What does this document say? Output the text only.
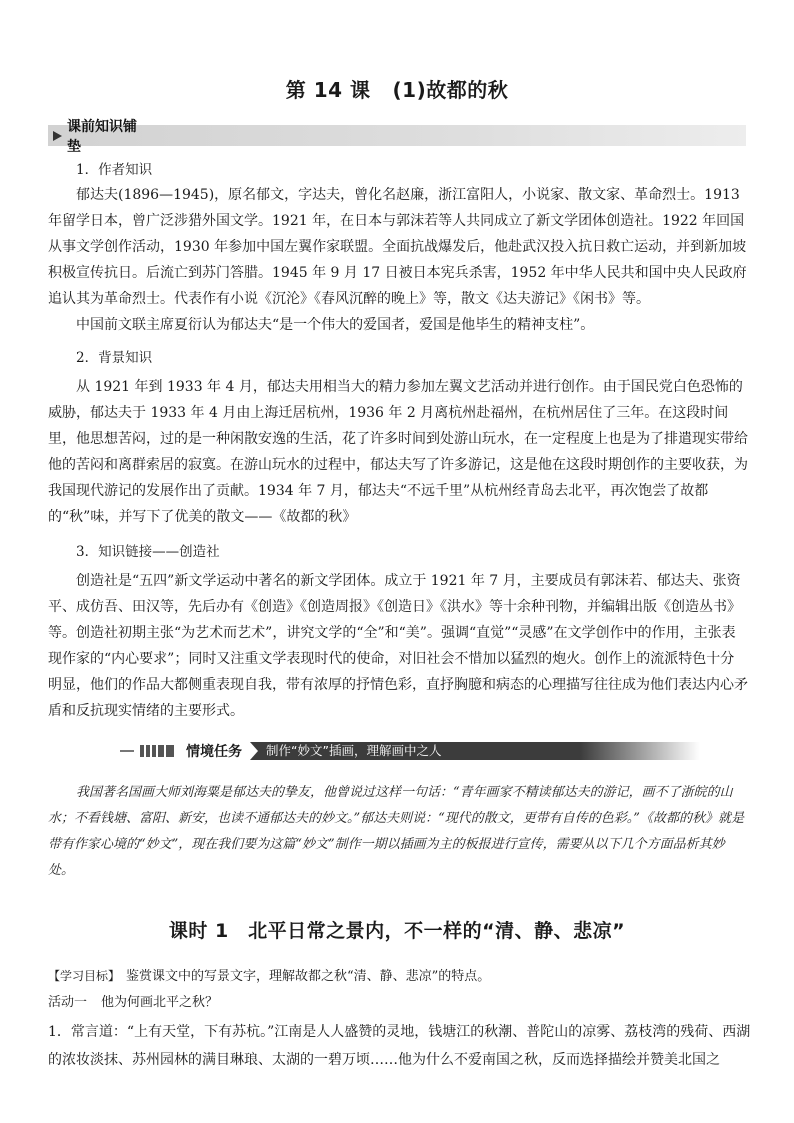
第 14 课 (1)故都的秋
课前知识铺垫
1．作者知识
郁达夫(1896—1945)，原名郁文，字达夫，曾化名赵廉，浙江富阳人，小说家、散文家、革命烈士。1913 年留学日本，曾广泛涉猎外国文学。1921 年，在日本与郭沫若等人共同成立了新文学团体创造社。1922 年回国从事文学创作活动，1930 年参加中国左翼作家联盟。全面抗战爆发后，他赴武汉投入抗日救亡运动，并到新加坡积极宣传抗日。后流亡到苏门答腊。1945 年 9 月 17 日被日本宪兵杀害，1952 年中华人民共和国中央人民政府追认其为革命烈士。代表作有小说《沉沦》《春风沉醉的晚上》等，散文《达夫游记》《闲书》等。
中国前文联主席夏衍认为郁达夫“是一个伟大的爱国者，爱国是他毕生的精神支柱”。
2．背景知识
从 1921 年到 1933 年 4 月，郁达夫用相当大的精力参加左翼文艺活动并进行创作。由于国民党白色恐怖的威胁，郁达夫于 1933 年 4 月由上海迁居杭州，1936 年 2 月离杭州赴福州，在杭州居住了三年。在这段时间里，他思想苦闷，过的是一种闲散安逸的生活，花了许多时间到处游山玩水，在一定程度上也是为了排遣现实带给他的苦闷和离群索居的寂寞。在游山玩水的过程中，郁达夫写了许多游记，这是他在这段时期创作的主要收获，为我国现代游记的发展作出了贡献。1934 年 7 月，郁达夫“不远千里”从杭州经青岛去北平，再次饱尝了故都的“秋”味，并写下了优美的散文——《故都的秋》
3．知识链接——创造社
创造社是“五四”新文学运动中著名的新文学团体。成立于 1921 年 7 月，主要成员有郭沫若、郁达夫、张资平、成仿吾、田汉等，先后办有《创造》《创造周报》《创造日》《洪水》等十余种刊物，并编辑出版《创造丛书》等。创造社初期主张“为艺术而艺术”，讲究文学的“全”和“美”。强调“直觉”“灵感”在文学创作中的作用，主张表现作家的“内心要求”；同时又注重文学表现时代的使命，对旧社会不惜加以猛烈的炮火。创作上的流派特色十分明显，他们的作品大都侧重表现自我，带有浓厚的抒情色彩，直抒胸臆和病态的心理描写往往成为他们表达内心矛盾和反抗现实情绪的主要形式。
情境任务	制作“妙文”插画，理解画中之人
我国著名国画大师刘海粟是郁达夫的挚友，他曾说过这样一句话：“青年画家不精读郁达夫的游记，画不了浙皖的山水；不看钱塘、富阳、新安，也读不通郁达夫的妙文。”郁达夫则说：“现代的散文，更带有自传的色彩。”《故都的秋》就是带有作家心境的“妙文”，现在我们要为这篇“妙文”制作一期以插画为主的板报进行宣传，需要从以下几个方面品析其妙处。
课时 1　北平日常之景内，不一样的“清、静、悲凉”
【学习目标】 鉴赏课文中的写景文字，理解故都之秋“清、静、悲凉”的特点。
活动一 他为何画北平之秋？
1．常言道：“上有天堂，下有苏杭。”江南是人人盛赞的灵地，钱塘江的秋潮、普陀山的凉雾、荔枝湾的残荷、西湖的浓妆淡抹、苏州园林的满目琳琅、太湖的一碧万顷……他为什么不爱南国之秋，反而选择描绘并赞美北国之
